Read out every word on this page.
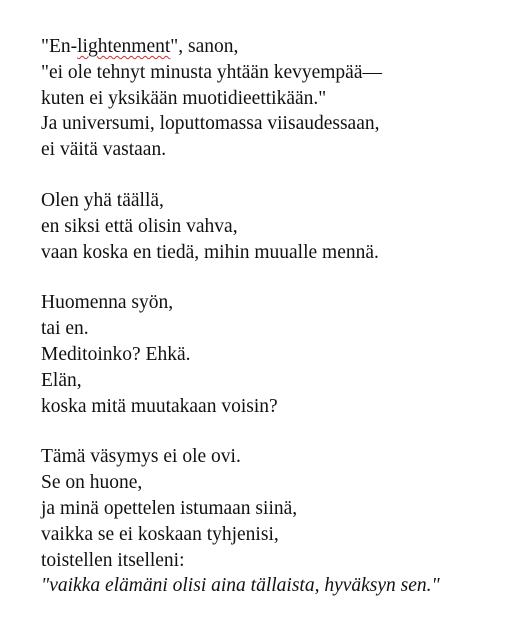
"En-lightenment", sanon,
"ei ole tehnyt minusta yhtään kevyempää—
kuten ei yksikään muotidieettikään."
Ja universumi, loputtomassa viisaudessaan,
ei väitä vastaan.
Olen yhä täällä,
en siksi että olisin vahva,
vaan koska en tiedä, mihin muualle mennä.
Huomenna syön,
tai en.
Meditoinko? Ehkä.
Elän,
koska mitä muutakaan voisin?
Tämä väsymys ei ole ovi.
Se on huone,
ja minä opettelen istumaan siinä,
vaikka se ei koskaan tyhjenisi,
toistellen itselleni:
"vaikka elämäni olisi aina tällaista, hyväksyn sen."
